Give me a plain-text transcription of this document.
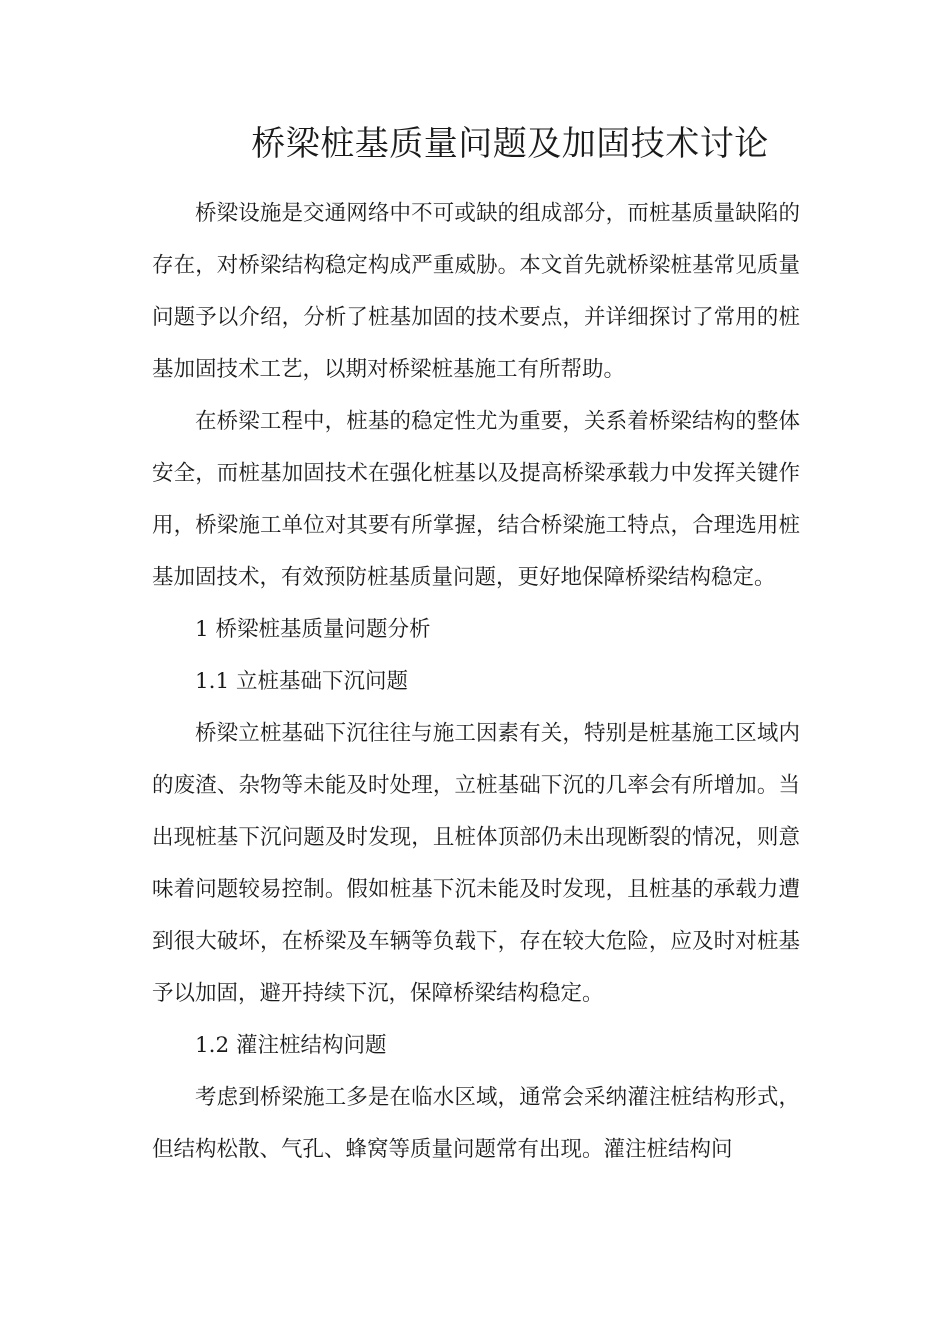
桥梁桩基质量问题及加固技术讨论

桥梁设施是交通网络中不可或缺的组成部分，而桩基质量缺陷的存在，对桥梁结构稳定构成严重威胁。本文首先就桥梁桩基常见质量问题予以介绍，分析了桩基加固的技术要点，并详细探讨了常用的桩基加固技术工艺，以期对桥梁桩基施工有所帮助。

在桥梁工程中，桩基的稳定性尤为重要，关系着桥梁结构的整体安全，而桩基加固技术在强化桩基以及提高桥梁承载力中发挥关键作用，桥梁施工单位对其要有所掌握，结合桥梁施工特点，合理选用桩基加固技术，有效预防桩基质量问题，更好地保障桥梁结构稳定。

1 桥梁桩基质量问题分析

1.1 立桩基础下沉问题

桥梁立桩基础下沉往往与施工因素有关，特别是桩基施工区域内的废渣、杂物等未能及时处理，立桩基础下沉的几率会有所增加。当出现桩基下沉问题及时发现，且桩体顶部仍未出现断裂的情况，则意味着问题较易控制。假如桩基下沉未能及时发现，且桩基的承载力遭到很大破坏，在桥梁及车辆等负载下，存在较大危险，应及时对桩基予以加固，避开持续下沉，保障桥梁结构稳定。

1.2 灌注桩结构问题

考虑到桥梁施工多是在临水区域，通常会采纳灌注桩结构形式，但结构松散、气孔、蜂窝等质量问题常有出现。灌注桩结构问
